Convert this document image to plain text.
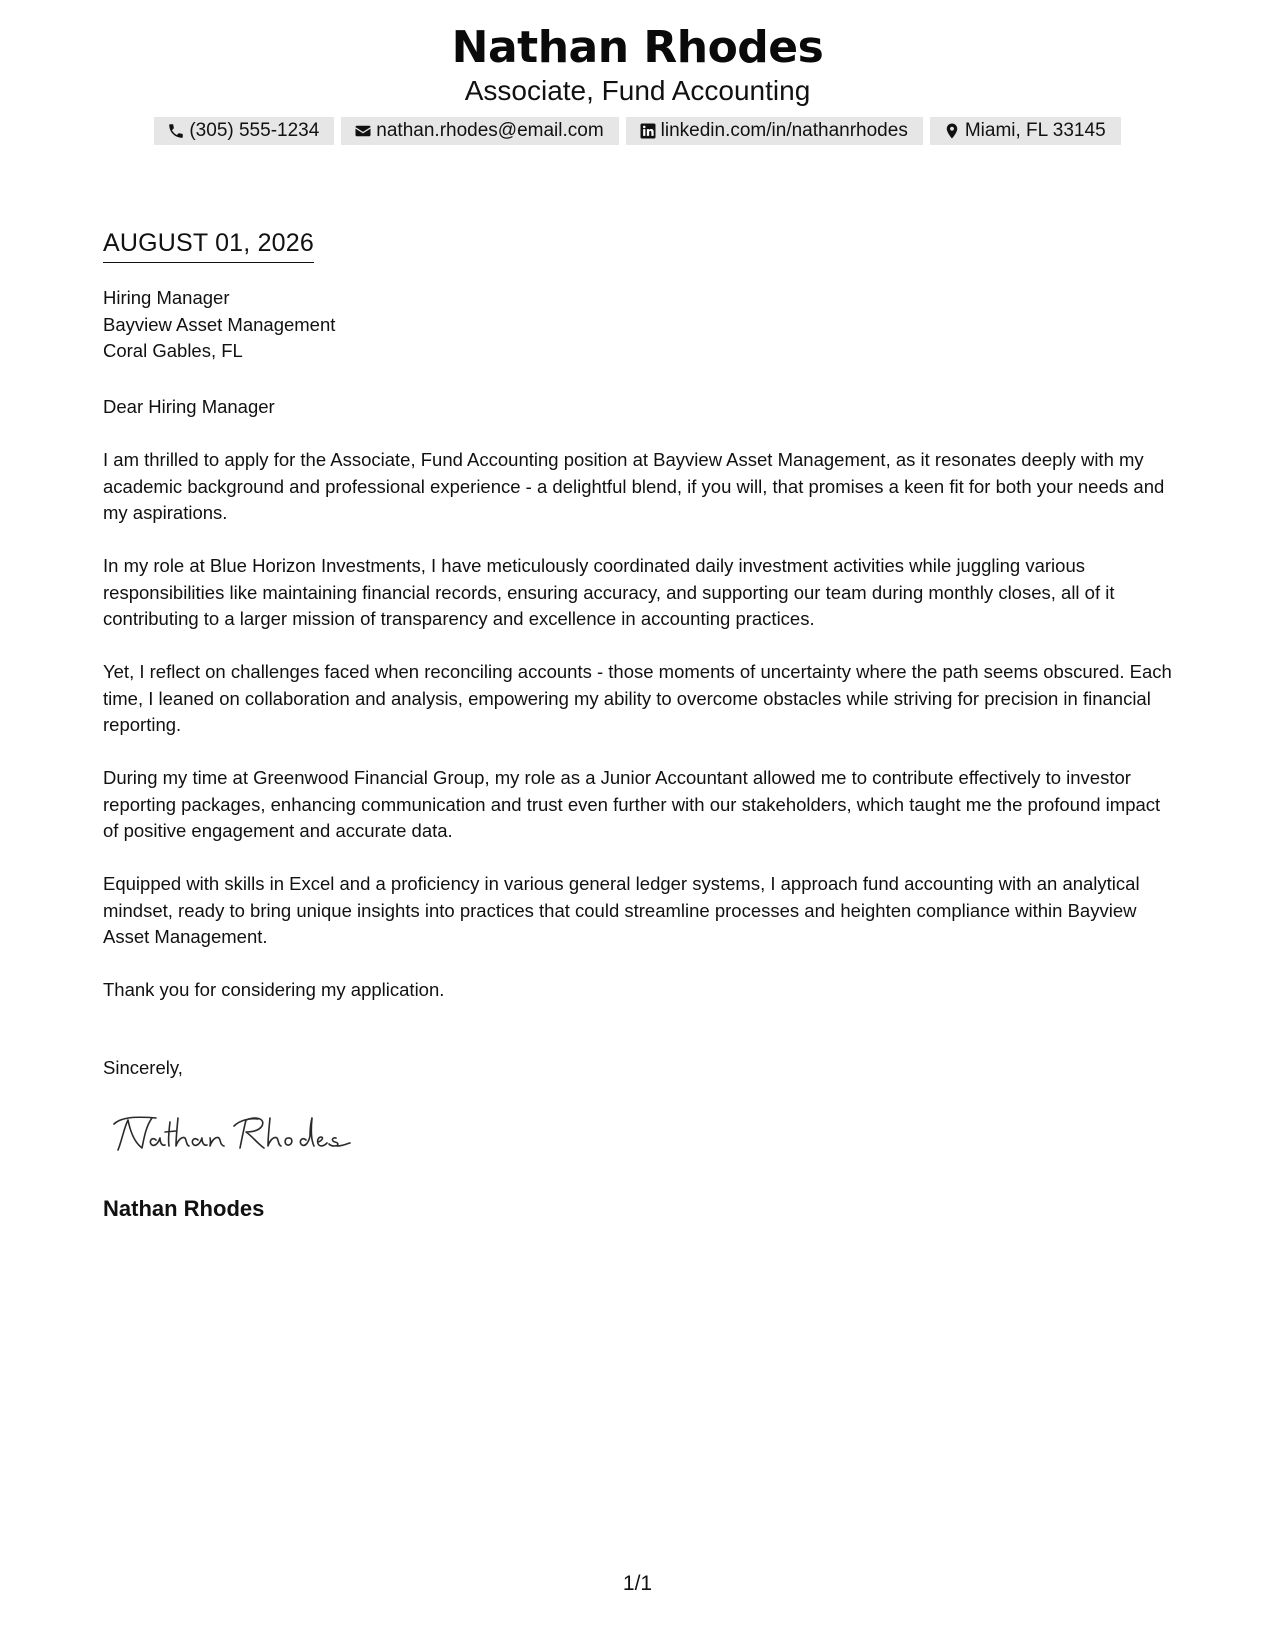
Nathan Rhodes
Associate, Fund Accounting
(305) 555-1234	nathan.rhodes@email.com	linkedin.com/in/nathanrhodes	Miami, FL 33145
AUGUST 01, 2026
Hiring Manager
Bayview Asset Management
Coral Gables, FL

Dear Hiring Manager

I am thrilled to apply for the Associate, Fund Accounting position at Bayview Asset Management, as it resonates deeply with my academic background and professional experience - a delightful blend, if you will, that promises a keen fit for both your needs and my aspirations.

In my role at Blue Horizon Investments, I have meticulously coordinated daily investment activities while juggling various responsibilities like maintaining financial records, ensuring accuracy, and supporting our team during monthly closes, all of it contributing to a larger mission of transparency and excellence in accounting practices.

Yet, I reflect on challenges faced when reconciling accounts - those moments of uncertainty where the path seems obscured. Each time, I leaned on collaboration and analysis, empowering my ability to overcome obstacles while striving for precision in financial reporting.

During my time at Greenwood Financial Group, my role as a Junior Accountant allowed me to contribute effectively to investor reporting packages, enhancing communication and trust even further with our stakeholders, which taught me the profound impact of positive engagement and accurate data.

Equipped with skills in Excel and a proficiency in various general ledger systems, I approach fund accounting with an analytical mindset, ready to bring unique insights into practices that could streamline processes and heighten compliance within Bayview Asset Management.

Thank you for considering my application.

Sincerely,
Nathan Rhodes
1/1
